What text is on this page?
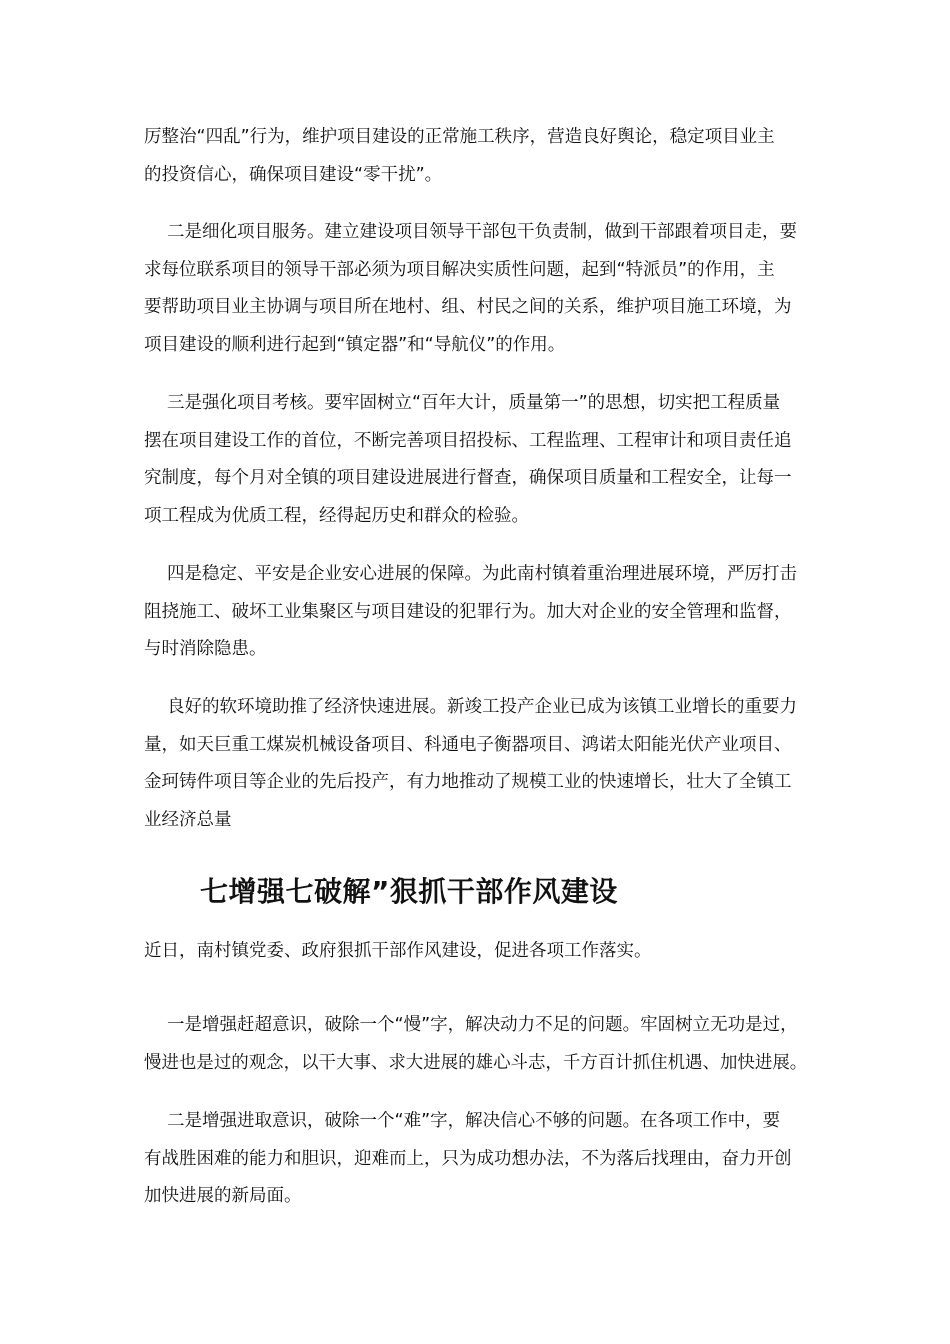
厉整治“四乱”行为，维护项目建设的正常施工秩序，营造良好舆论，稳定项目业主
的投资信心，确保项目建设“零干扰”。

二是细化项目服务。建立建设项目领导干部包干负责制，做到干部跟着项目走，要
求每位联系项目的领导干部必须为项目解决实质性问题，起到“特派员”的作用，主
要帮助项目业主协调与项目所在地村、组、村民之间的关系，维护项目施工环境，为
项目建设的顺利进行起到“镇定器”和“导航仪”的作用。

三是强化项目考核。要牢固树立“百年大计，质量第一”的思想，切实把工程质量
摆在项目建设工作的首位，不断完善项目招投标、工程监理、工程审计和项目责任追
究制度，每个月对全镇的项目建设进展进行督查，确保项目质量和工程安全，让每一
项工程成为优质工程，经得起历史和群众的检验。

四是稳定、平安是企业安心进展的保障。为此南村镇着重治理进展环境，严厉打击
阻挠施工、破坏工业集聚区与项目建设的犯罪行为。加大对企业的安全管理和监督，
与时消除隐患。

良好的软环境助推了经济快速进展。新竣工投产企业已成为该镇工业增长的重要力
量，如天巨重工煤炭机械设备项目、科通电子衡器项目、鸿诺太阳能光伏产业项目、
金珂铸件项目等企业的先后投产，有力地推动了规模工业的快速增长，壮大了全镇工
业经济总量

七增强七破解”狠抓干部作风建设

近日，南村镇党委、政府狠抓干部作风建设，促进各项工作落实。

一是增强赶超意识，破除一个“慢”字，解决动力不足的问题。牢固树立无功是过，
慢进也是过的观念，以干大事、求大进展的雄心斗志，千方百计抓住机遇、加快进展。

二是增强进取意识，破除一个“难”字，解决信心不够的问题。在各项工作中，要
有战胜困难的能力和胆识，迎难而上，只为成功想办法，不为落后找理由，奋力开创
加快进展的新局面。
